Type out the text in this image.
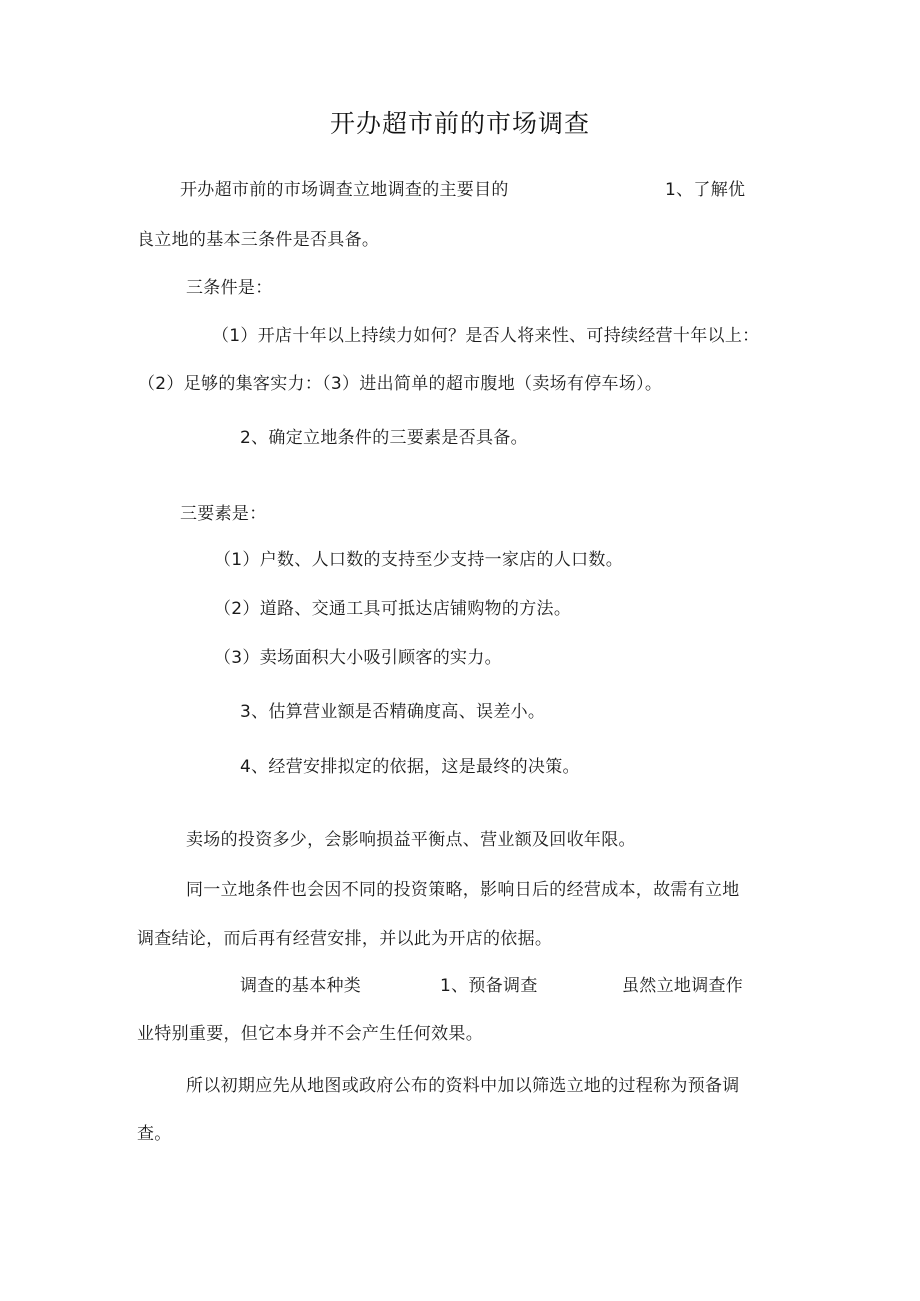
开办超市前的市场调查
开办超市前的市场调查立地调查的主要目的	1、了解优
良立地的基本三条件是否具备。
三条件是：
（1）开店十年以上持续力如何？是否人将来性、可持续经营十年以上：
（2）足够的集客实力：（3）进出简单的超市腹地（卖场有停车场）。
2、确定立地条件的三要素是否具备。
三要素是：
（1）户数、人口数的支持至少支持一家店的人口数。
（2）道路、交通工具可抵达店铺购物的方法。
（3）卖场面积大小吸引顾客的实力。
3、估算营业额是否精确度高、误差小。
4、经营安排拟定的依据，这是最终的决策。
卖场的投资多少，会影响损益平衡点、营业额及回收年限。
同一立地条件也会因不同的投资策略，影响日后的经营成本，故需有立地
调查结论，而后再有经营安排，并以此为开店的依据。
调查的基本种类	1、预备调查	虽然立地调查作
业特别重要，但它本身并不会产生任何效果。
所以初期应先从地图或政府公布的资料中加以筛选立地的过程称为预备调
查。
